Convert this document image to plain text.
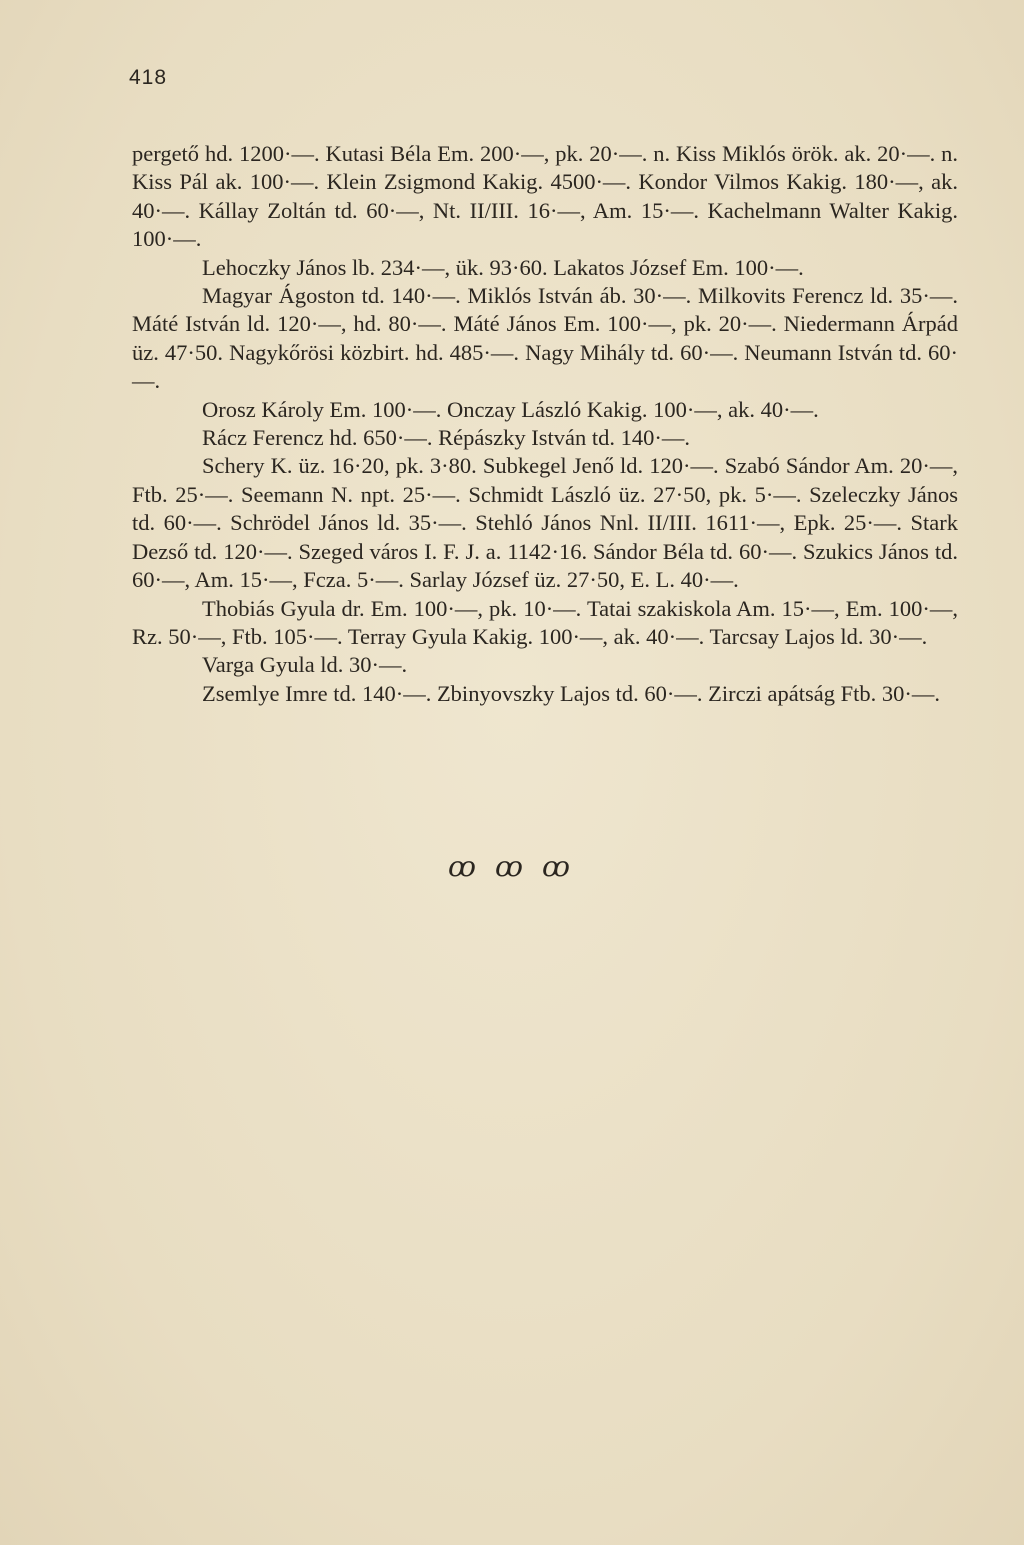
418

pergető hd. 1200·—. Kutasi Béla Em. 200·—, pk. 20·—. n. Kiss Miklós örök. ak. 20·—. n. Kiss Pál ak. 100·—. Klein Zsigmond Kakig. 4500·—. Kondor Vilmos Kakig. 180·—, ak. 40·—. Kállay Zoltán td. 60·—, Nt. II/III. 16·—, Am. 15·—. Kachelmann Walter Kakig. 100·—.

Lehoczky János lb. 234·—, ük. 93·60. Lakatos József Em. 100·—.

Magyar Ágoston td. 140·—. Miklós István áb. 30·—. Milkovits Ferencz ld. 35·—. Máté István ld. 120·—, hd. 80·—. Máté János Em. 100·—, pk. 20·—. Niedermann Árpád üz. 47·50. Nagykőrösi közbirt. hd. 485·—. Nagy Mihály td. 60·—. Neumann István td. 60·—.

Orosz Károly Em. 100·—. Onczay László Kakig. 100·—, ak. 40·—.

Rácz Ferencz hd. 650·—. Répászky István td. 140·—.

Schery K. üz. 16·20, pk. 3·80. Subkegel Jenő ld. 120·—. Szabó Sándor Am. 20·—, Ftb. 25·—. Seemann N. npt. 25·—. Schmidt László üz. 27·50, pk. 5·—. Szeleczky János td. 60·—. Schrödel János ld. 35·—. Stehló János Nnl. II/III. 1611·—, Epk. 25·—. Stark Dezső td. 120·—. Szeged város I. F. J. a. 1142·16. Sándor Béla td. 60·—. Szukics János td. 60·—, Am. 15·—, Fcza. 5·—. Sarlay József üz. 27·50, E. L. 40·—.

Thobiás Gyula dr. Em. 100·—, pk. 10·—. Tatai szakiskola Am. 15·—, Em. 100·—, Rz. 50·—, Ftb. 105·—. Terray Gyula Kakig. 100·—, ak. 40·—. Tarcsay Lajos ld. 30·—.

Varga Gyula ld. 30·—.

Zsemlye Imre td. 140·—. Zbinyovszky Lajos td. 60·—. Zirczi apátság Ftb. 30·—.

ꝏ ꝏ ꝏ
